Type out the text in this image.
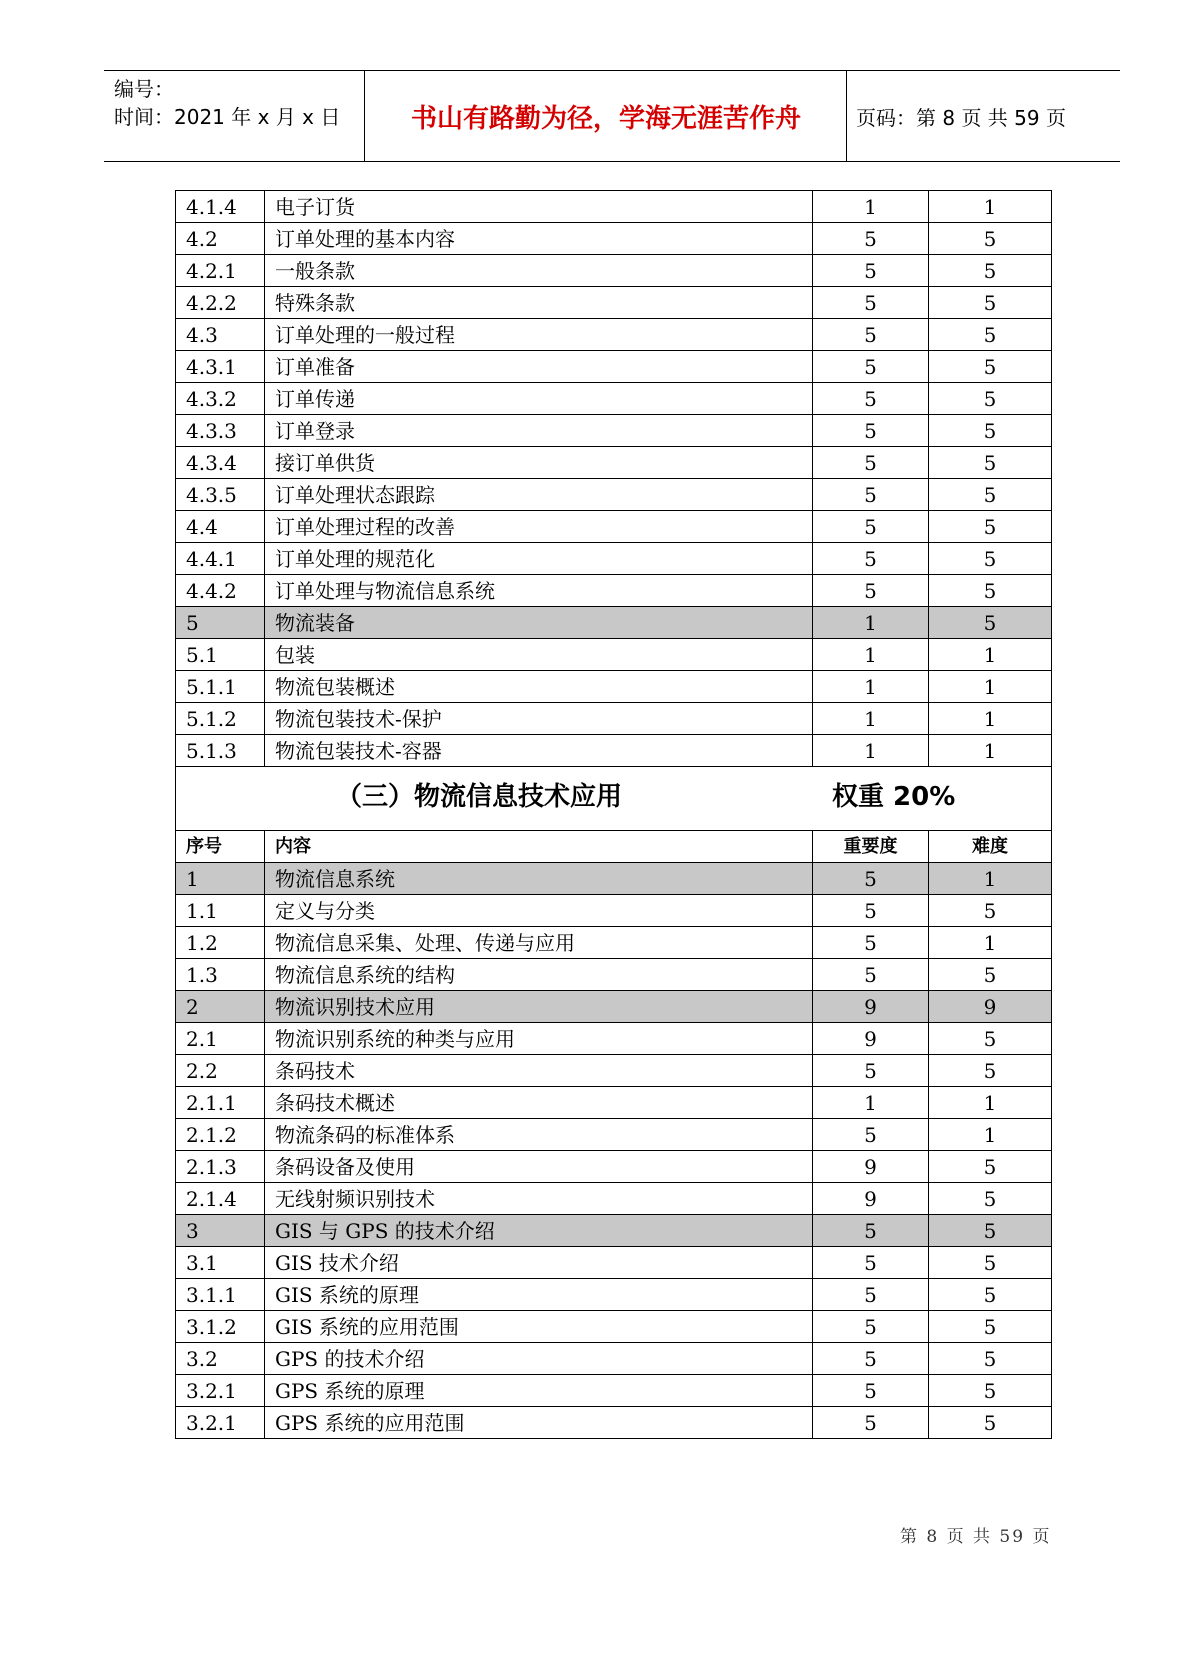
编号：
时间：2021 年 x 月 x 日	书山有路勤为径，学海无涯苦作舟	页码：第 8 页 共 59 页
4.1.4	电子订货	1	1
4.2	订单处理的基本内容	5	5
4.2.1	一般条款	5	5
4.2.2	特殊条款	5	5
4.3	订单处理的一般过程	5	5
4.3.1	订单准备	5	5
4.3.2	订单传递	5	5
4.3.3	订单登录	5	5
4.3.4	接订单供货	5	5
4.3.5	订单处理状态跟踪	5	5
4.4	订单处理过程的改善	5	5
4.4.1	订单处理的规范化	5	5
4.4.2	订单处理与物流信息系统	5	5
5	物流装备	1	5
5.1	包装	1	1
5.1.1	物流包装概述	1	1
5.1.2	物流包装技术-保护	1	1
5.1.3	物流包装技术-容器	1	1

（三）物流信息技术应用 权重 20%			

序号	内容	重要度	难度
1	物流信息系统	5	1
1.1	定义与分类	5	5
1.2	物流信息采集、处理、传递与应用	5	1
1.3	物流信息系统的结构	5	5
2	物流识别技术应用	9	9
2.1	物流识别系统的种类与应用	9	5
2.2	条码技术	5	5
2.1.1	条码技术概述	1	1
2.1.2	物流条码的标准体系	5	1
2.1.3	条码设备及使用	9	5
2.1.4	无线射频识别技术	9	5
3	GIS 与 GPS 的技术介绍	5	5
3.1	GIS 技术介绍	5	5
3.1.1	GIS 系统的原理	5	5
3.1.2	GIS 系统的应用范围	5	5
3.2	GPS 的技术介绍	5	5
3.2.1	GPS 系统的原理	5	5
3.2.1	GPS 系统的应用范围	5	5
第 8 页 共 59 页
